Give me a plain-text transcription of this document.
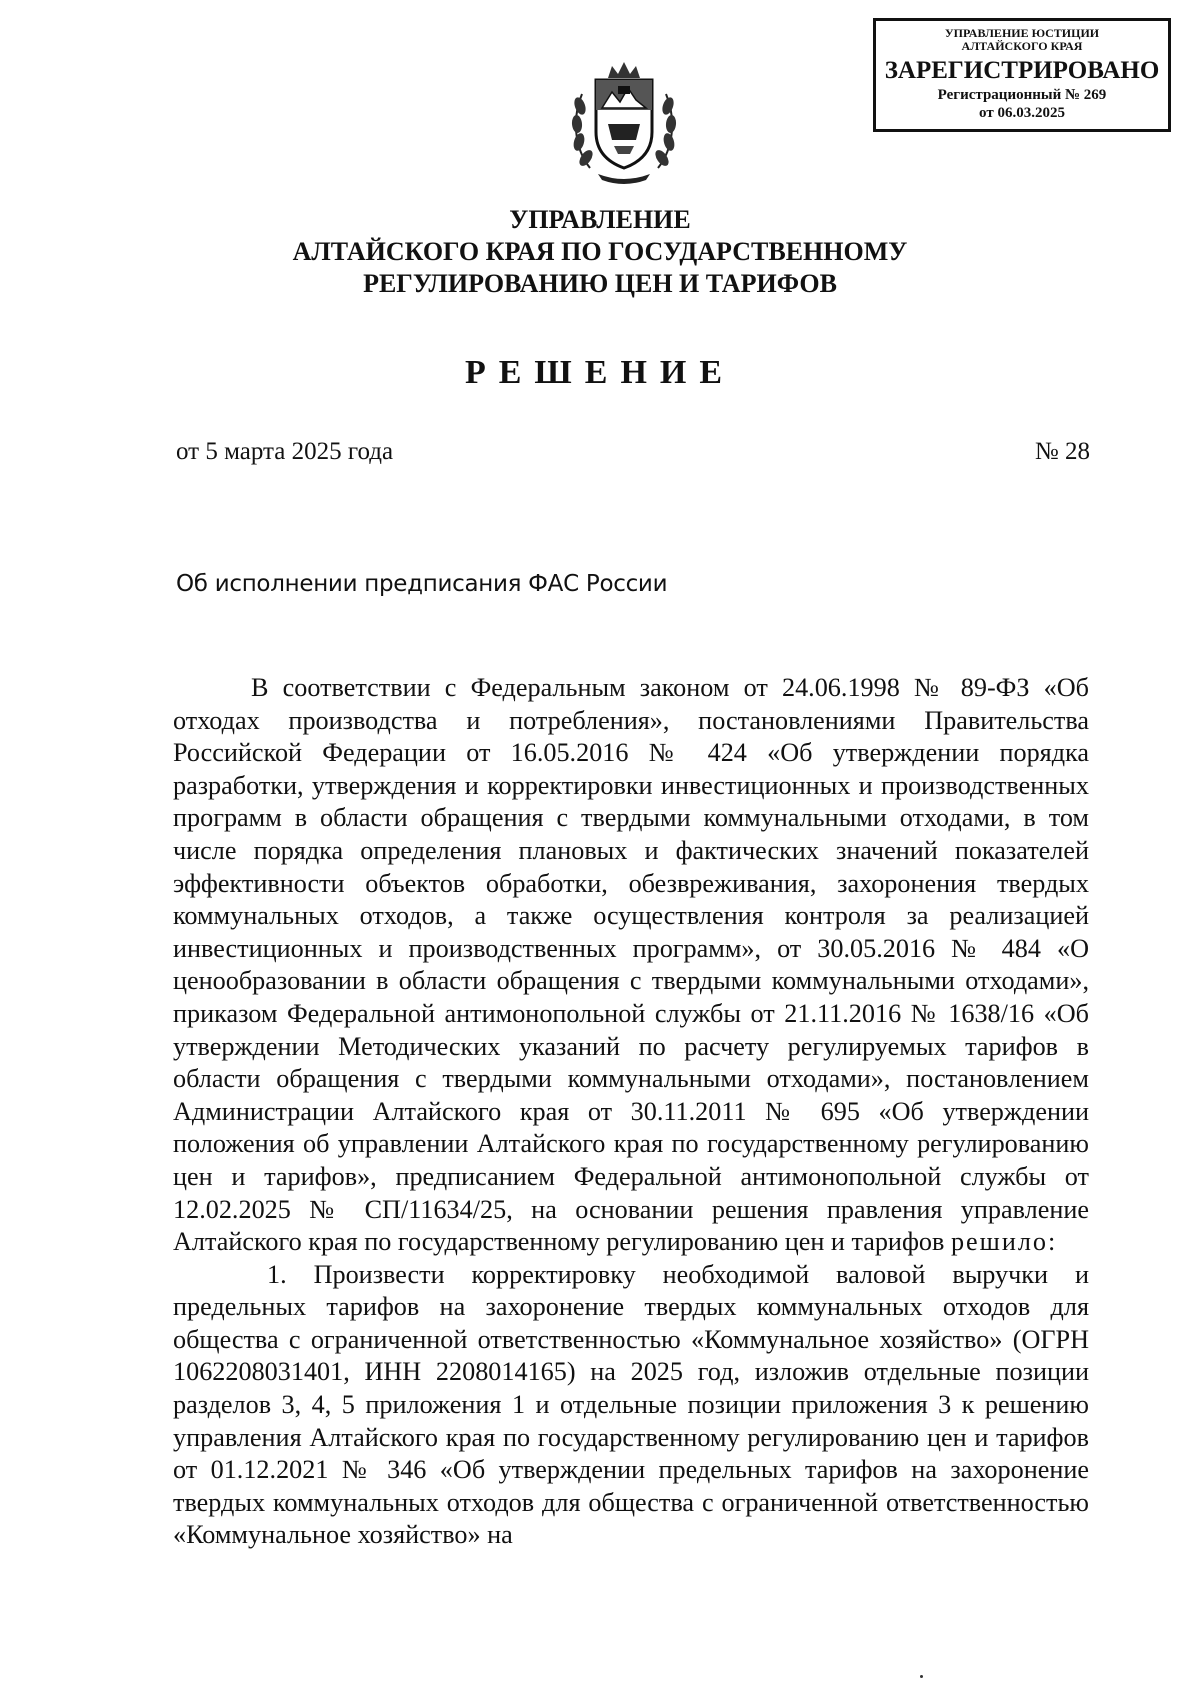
УПРАВЛЕНИЕ ЮСТИЦИИ
АЛТАЙСКОГО КРАЯ
ЗАРЕГИСТРИРОВАНО
Регистрационный № 269
от 06.03.2025
УПРАВЛЕНИЕ
АЛТАЙСКОГО КРАЯ ПО ГОСУДАРСТВЕННОМУ
РЕГУЛИРОВАНИЮ ЦЕН И ТАРИФОВ
РЕШЕНИЕ
от 5 марта 2025 года	№ 28
Об исполнении предписания ФАС России

В соответствии с Федеральным законом от 24.06.1998 № 89-ФЗ «Об отходах производства и потребления», постановлениями Правительства Российской Федерации от 16.05.2016 № 424 «Об утверждении порядка разработки, утверждения и корректировки инвестиционных и производственных программ в области обращения с твердыми коммунальными отходами, в том числе порядка определения плановых и фактических значений показателей эффективности объектов обработки, обезвреживания, захоронения твердых коммунальных отходов, а также осуществления контроля за реализацией инвестиционных и производственных программ», от 30.05.2016 № 484 «О ценообразовании в области обращения с твердыми коммунальными отходами», приказом Федеральной антимонопольной службы от 21.11.2016 № 1638/16 «Об утверждении Методических указаний по расчету регулируемых тарифов в области обращения с твердыми коммунальными отходами», постановлением Администрации Алтайского края от 30.11.2011 № 695 «Об утверждении положения об управлении Алтайского края по государственному регулированию цен и тарифов», предписанием Федеральной антимонопольной службы от 12.02.2025 № СП/11634/25, на основании решения правления управление Алтайского края по государственному регулированию цен и тарифов решило:

1. Произвести корректировку необходимой валовой выручки и предельных тарифов на захоронение твердых коммунальных отходов для общества с ограниченной ответственностью «Коммунальное хозяйство» (ОГРН 1062208031401, ИНН 2208014165) на 2025 год, изложив отдельные позиции разделов 3, 4, 5 приложения 1 и отдельные позиции приложения 3 к решению управления Алтайского края по государственному регулированию цен и тарифов от 01.12.2021 № 346 «Об утверждении предельных тарифов на захоронение твердых коммунальных отходов для общества с ограниченной ответственностью «Коммунальное хозяйство» на
